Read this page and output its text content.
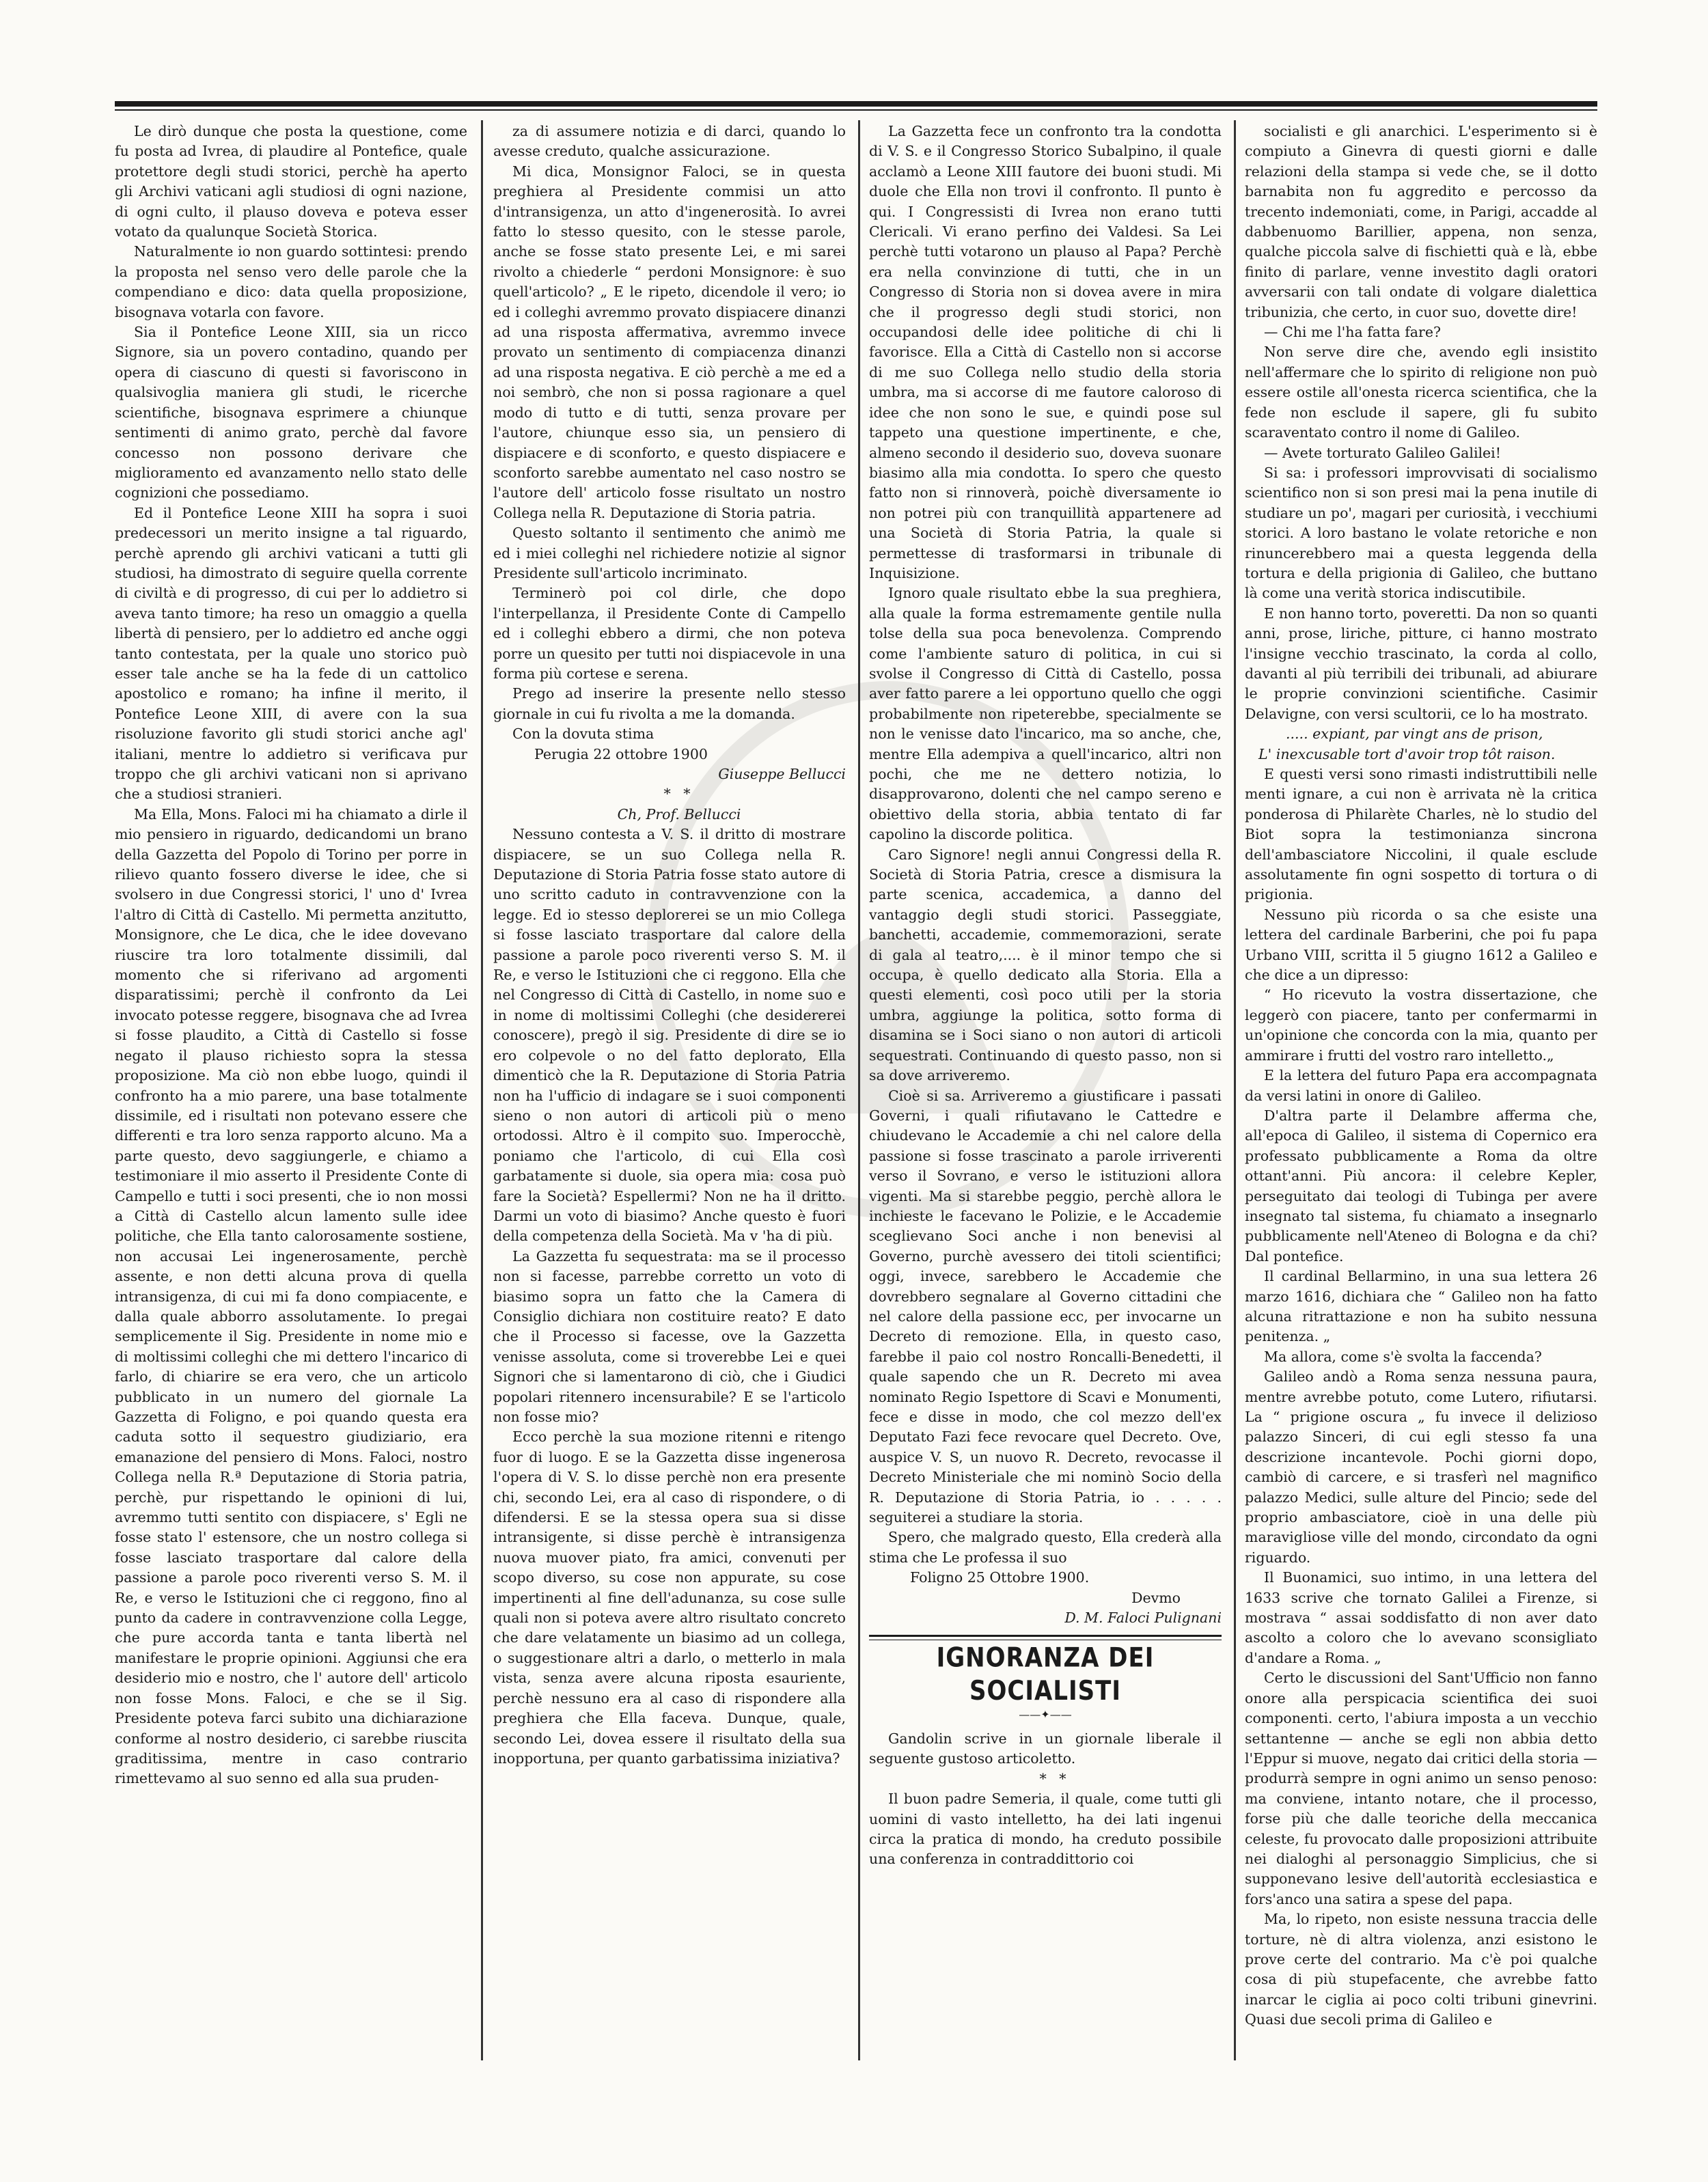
Le dirò dunque che posta la questione, come fu posta ad Ivrea, di plaudire al Pontefice, quale protettore degli studi storici, perchè ha aperto gli Archivi vaticani agli studiosi di ogni nazione, di ogni culto, il plauso doveva e poteva esser votato da qualunque Società Storica.

Naturalmente io non guardo sottintesi: prendo la proposta nel senso vero delle parole che la compendiano e dico: data quella proposizione, bisognava votarla con favore.

Sia il Pontefice Leone XIII, sia un ricco Signore, sia un povero contadino, quando per opera di ciascuno di questi si favoriscono in qualsivoglia maniera gli studi, le ricerche scientifiche, bisognava esprimere a chiunque sentimenti di animo grato, perchè dal favore concesso non possono derivare che miglioramento ed avanzamento nello stato delle cognizioni che possediamo.

Ed il Pontefice Leone XIII ha sopra i suoi predecessori un merito insigne a tal riguardo, perchè aprendo gli archivi vaticani a tutti gli studiosi, ha dimostrato di seguire quella corrente di civiltà e di progresso, di cui per lo addietro si aveva tanto timore; ha reso un omaggio a quella libertà di pensiero, per lo addietro ed anche oggi tanto contestata, per la quale uno storico può esser tale anche se ha la fede di un cattolico apostolico e romano; ha infine il merito, il Pontefice Leone XIII, di avere con la sua risoluzione favorito gli studi storici anche agl' italiani, mentre lo addietro si verificava pur troppo che gli archivi vaticani non si aprivano che a studiosi stranieri.

Ma Ella, Mons. Faloci mi ha chiamato a dirle il mio pensiero in riguardo, dedicandomi un brano della Gazzetta del Popolo di Torino per porre in rilievo quanto fossero diverse le idee, che si svolsero in due Congressi storici, l' uno d' Ivrea l'altro di Città di Castello. Mi permetta anzitutto, Monsignore, che Le dica, che le idee dovevano riuscire tra loro totalmente dissimili, dal momento che si riferivano ad argomenti disparatissimi; perchè il confronto da Lei invocato potesse reggere, bisognava che ad Ivrea si fosse plaudito, a Città di Castello si fosse negato il plauso richiesto sopra la stessa proposizione. Ma ciò non ebbe luogo, quindi il confronto ha a mio parere, una base totalmente dissimile, ed i risultati non potevano essere che differenti e tra loro senza rapporto alcuno. Ma a parte questo, devo saggiungerle, e chiamo a testimoniare il mio asserto il Presidente Conte di Campello e tutti i soci presenti, che io non mossi a Città di Castello alcun lamento sulle idee politiche, che Ella tanto calorosamente sostiene, non accusai Lei ingenerosamente, perchè assente, e non detti alcuna prova di quella intransigenza, di cui mi fa dono compiacente, e dalla quale abborro assolutamente. Io pregai semplicemente il Sig. Presidente in nome mio e di moltissimi colleghi che mi dettero l'incarico di farlo, di chiarire se era vero, che un articolo pubblicato in un numero del giornale La Gazzetta di Foligno, e poi quando questa era caduta sotto il sequestro giudiziario, era emanazione del pensiero di Mons. Faloci, nostro Collega nella R.ª Deputazione di Storia patria, perchè, pur rispettando le opinioni di lui, avremmo tutti sentito con dispiacere, s' Egli ne fosse stato l' estensore, che un nostro collega si fosse lasciato trasportare dal calore della passione a parole poco riverenti verso S. M. il Re, e verso le Istituzioni che ci reggono, fino al punto da cadere in contravvenzione colla Legge, che pure accorda tanta e tanta libertà nel manifestare le proprie opinioni. Aggiunsi che era desiderio mio e nostro, che l' autore dell' articolo non fosse Mons. Faloci, e che se il Sig. Presidente poteva farci subito una dichiarazione conforme al nostro desiderio, ci sarebbe riuscita graditissima, mentre in caso contrario rimettevamo al suo senno ed alla sua pruden-

za di assumere notizia e di darci, quando lo avesse creduto, qualche assicurazione.

Mi dica, Monsignor Faloci, se in questa preghiera al Presidente commisi un atto d'intransigenza, un atto d'ingenerosità. Io avrei fatto lo stesso quesito, con le stesse parole, anche se fosse stato presente Lei, e mi sarei rivolto a chiederle “ perdoni Monsignore: è suo quell'articolo? „ E le ripeto, dicendole il vero; io ed i colleghi avremmo provato dispiacere dinanzi ad una risposta affermativa, avremmo invece provato un sentimento di compiacenza dinanzi ad una risposta negativa. E ciò perchè a me ed a noi sembrò, che non si possa ragionare a quel modo di tutto e di tutti, senza provare per l'autore, chiunque esso sia, un pensiero di dispiacere e di sconforto, e questo dispiacere e sconforto sarebbe aumentato nel caso nostro se l'autore dell' articolo fosse risultato un nostro Collega nella R. Deputazione di Storia patria.

Questo soltanto il sentimento che animò me ed i miei colleghi nel richiedere notizie al signor Presidente sull'articolo incriminato.

Terminerò poi col dirle, che dopo l'interpellanza, il Presidente Conte di Campello ed i colleghi ebbero a dirmi, che non poteva porre un quesito per tutti noi dispiacevole in una forma più cortese e serena.

Prego ad inserire la presente nello stesso giornale in cui fu rivolta a me la domanda.

Con la dovuta stima

Perugia 22 ottobre 1900

Giuseppe Bellucci

* *

Ch, Prof. Bellucci

Nessuno contesta a V. S. il dritto di mostrare dispiacere, se un suo Collega nella R. Deputazione di Storia Patria fosse stato autore di uno scritto caduto in contravvenzione con la legge. Ed io stesso deplorerei se un mio Collega si fosse lasciato trasportare dal calore della passione a parole poco riverenti verso S. M. il Re, e verso le Istituzioni che ci reggono. Ella che nel Congresso di Città di Castello, in nome suo e in nome di moltissimi Colleghi (che desidererei conoscere), pregò il sig. Presidente di dire se io ero colpevole o no del fatto deplorato, Ella dimenticò che la R. Deputazione di Storia Patria non ha l'ufficio di indagare se i suoi componenti sieno o non autori di articoli più o meno ortodossi. Altro è il compito suo. Imperocchè, poniamo che l'articolo, di cui Ella così garbatamente si duole, sia opera mia: cosa può fare la Società? Espellermi? Non ne ha il dritto. Darmi un voto di biasimo? Anche questo è fuori della competenza della Società. Ma v 'ha di più.

La Gazzetta fu sequestrata: ma se il processo non si facesse, parrebbe corretto un voto di biasimo sopra un fatto che la Camera di Consiglio dichiara non costituire reato? E dato che il Processo si facesse, ove la Gazzetta venisse assoluta, come si troverebbe Lei e quei Signori che si lamentarono di ciò, che i Giudici popolari ritennero incensurabile? E se l'articolo non fosse mio?

Ecco perchè la sua mozione ritenni e ritengo fuor di luogo. E se la Gazzetta disse ingenerosa l'opera di V. S. lo disse perchè non era presente chi, secondo Lei, era al caso di rispondere, o di difendersi. E se la stessa opera sua si disse intransigente, si disse perchè è intransigenza nuova muover piato, fra amici, convenuti per scopo diverso, su cose non appurate, su cose impertinenti al fine dell'adunanza, su cose sulle quali non si poteva avere altro risultato concreto che dare velatamente un biasimo ad un collega, o suggestionare altri a darlo, o metterlo in mala vista, senza avere alcuna riposta esauriente, perchè nessuno era al caso di rispondere alla preghiera che Ella faceva. Dunque, quale, secondo Lei, dovea essere il risultato della sua inopportuna, per quanto garbatissima iniziativa?

La Gazzetta fece un confronto tra la condotta di V. S. e il Congresso Storico Subalpino, il quale acclamò a Leone XIII fautore dei buoni studi. Mi duole che Ella non trovi il confronto. Il punto è qui. I Congressisti di Ivrea non erano tutti Clericali. Vi erano perfino dei Valdesi. Sa Lei perchè tutti votarono un plauso al Papa? Perchè era nella convinzione di tutti, che in un Congresso di Storia non si dovea avere in mira che il progresso degli studi storici, non occupandosi delle idee politiche di chi li favorisce. Ella a Città di Castello non si accorse di me suo Collega nello studio della storia umbra, ma si accorse di me fautore caloroso di idee che non sono le sue, e quindi pose sul tappeto una questione impertinente, e che, almeno secondo il desiderio suo, doveva suonare biasimo alla mia condotta. Io spero che questo fatto non si rinnoverà, poichè diversamente io non potrei più con tranquillità appartenere ad una Società di Storia Patria, la quale si permettesse di trasformarsi in tribunale di Inquisizione.

Ignoro quale risultato ebbe la sua preghiera, alla quale la forma estremamente gentile nulla tolse della sua poca benevolenza. Comprendo come l'ambiente saturo di politica, in cui si svolse il Congresso di Città di Castello, possa aver fatto parere a lei opportuno quello che oggi probabilmente non ripeterebbe, specialmente se non le venisse dato l'incarico, ma so anche, che, mentre Ella adempiva a quell'incarico, altri non pochi, che me ne dettero notizia, lo disapprovarono, dolenti che nel campo sereno e obiettivo della storia, abbia tentato di far capolino la discorde politica.

Caro Signore! negli annui Congressi della R. Società di Storia Patria, cresce a dismisura la parte scenica, accademica, a danno del vantaggio degli studi storici. Passeggiate, banchetti, accademie, commemorazioni, serate di gala al teatro,.... è il minor tempo che si occupa, è quello dedicato alla Storia. Ella a questi elementi, così poco utili per la storia umbra, aggiunge la politica, sotto forma di disamina se i Soci siano o non autori di articoli sequestrati. Continuando di questo passo, non si sa dove arriveremo.

Cioè si sa. Arriveremo a giustificare i passati Governi, i quali rifiutavano le Cattedre e chiudevano le Accademie a chi nel calore della passione si fosse trascinato a parole irriverenti verso il Sovrano, e verso le istituzioni allora vigenti. Ma si starebbe peggio, perchè allora le inchieste le facevano le Polizie, e le Accademie sceglievano Soci anche i non benevisi al Governo, purchè avessero dei titoli scientifici; oggi, invece, sarebbero le Accademie che dovrebbero segnalare al Governo cittadini che nel calore della passione ecc, per invocarne un Decreto di remozione. Ella, in questo caso, farebbe il paio col nostro Roncalli-Benedetti, il quale sapendo che un R. Decreto mi avea nominato Regio Ispettore di Scavi e Monumenti, fece e disse in modo, che col mezzo dell'ex Deputato Fazi fece revocare quel Decreto. Ove, auspice V. S, un nuovo R. Decreto, revocasse il Decreto Ministeriale che mi nominò Socio della R. Deputazione di Storia Patria, io . . . . . seguiterei a studiare la storia.

Spero, che malgrado questo, Ella crederà alla stima che Le professa il suo

Foligno 25 Ottobre 1900.

Devmo

D. M. Faloci Pulignani

IGNORANZA DEI SOCIALISTI
——✦——

Gandolin scrive in un giornale liberale il seguente gustoso articoletto.

* *

Il buon padre Semeria, il quale, come tutti gli uomini di vasto intelletto, ha dei lati ingenui circa la pratica di mondo, ha creduto possibile una conferenza in contraddittorio coi

socialisti e gli anarchici. L'esperimento si è compiuto a Ginevra di questi giorni e dalle relazioni della stampa si vede che, se il dotto barnabita non fu aggredito e percosso da trecento indemoniati, come, in Parigi, accadde al dabbenuomo Barillier, appena, non senza, qualche piccola salve di fischietti quà e là, ebbe finito di parlare, venne investito dagli oratori avversarii con tali ondate di volgare dialettica tribunizia, che certo, in cuor suo, dovette dire!

— Chi me l'ha fatta fare?

Non serve dire che, avendo egli insistito nell'affermare che lo spirito di religione non può essere ostile all'onesta ricerca scientifica, che la fede non esclude il sapere, gli fu subito scaraventato contro il nome di Galileo.

— Avete torturato Galileo Galilei!

Si sa: i professori improvvisati di socialismo scientifico non si son presi mai la pena inutile di studiare un po', magari per curiosità, i vecchiumi storici. A loro bastano le volate retoriche e non rinuncerebbero mai a questa leggenda della tortura e della prigionia di Galileo, che buttano là come una verità storica indiscutibile.

E non hanno torto, poveretti. Da non so quanti anni, prose, liriche, pitture, ci hanno mostrato l'insigne vecchio trascinato, la corda al collo, davanti al più terribili dei tribunali, ad abiurare le proprie convinzioni scientifiche. Casimir Delavigne, con versi scultorii, ce lo ha mostrato.

..... expiant, par vingt ans de prison,

L' inexcusable tort d'avoir trop tôt raison.

E questi versi sono rimasti indistruttibili nelle menti ignare, a cui non è arrivata nè la critica ponderosa di Philarète Charles, nè lo studio del Biot sopra la testimonianza sincrona dell'ambasciatore Niccolini, il quale esclude assolutamente fin ogni sospetto di tortura o di prigionia.

Nessuno più ricorda o sa che esiste una lettera del cardinale Barberini, che poi fu papa Urbano VIII, scritta il 5 giugno 1612 a Galileo e che dice a un dipresso:

“ Ho ricevuto la vostra dissertazione, che leggerò con piacere, tanto per confermarmi in un'opinione che concorda con la mia, quanto per ammirare i frutti del vostro raro intelletto.„

E la lettera del futuro Papa era accompagnata da versi latini in onore di Galileo.

D'altra parte il Delambre afferma che, all'epoca di Galileo, il sistema di Copernico era professato pubblicamente a Roma da oltre ottant'anni. Più ancora: il celebre Kepler, perseguitato dai teologi di Tubinga per avere insegnato tal sistema, fu chiamato a insegnarlo pubblicamente nell'Ateneo di Bologna e da chi? Dal pontefice.

Il cardinal Bellarmino, in una sua lettera 26 marzo 1616, dichiara che “ Galileo non ha fatto alcuna ritrattazione e non ha subito nessuna penitenza. „

Ma allora, come s'è svolta la faccenda?

Galileo andò a Roma senza nessuna paura, mentre avrebbe potuto, come Lutero, rifiutarsi. La “ prigione oscura „ fu invece il delizioso palazzo Sinceri, di cui egli stesso fa una descrizione incantevole. Pochi giorni dopo, cambiò di carcere, e si trasferì nel magnifico palazzo Medici, sulle alture del Pincio; sede del proprio ambasciatore, cioè in una delle più maravigliose ville del mondo, circondato da ogni riguardo.

Il Buonamici, suo intimo, in una lettera del 1633 scrive che tornato Galilei a Firenze, si mostrava “ assai soddisfatto di non aver dato ascolto a coloro che lo avevano sconsigliato d'andare a Roma. „

Certo le discussioni del Sant'Ufficio non fanno onore alla perspicacia scientifica dei suoi componenti. certo, l'abiura imposta a un vecchio settantenne — anche se egli non abbia detto l'Eppur si muove, negato dai critici della storia — produrrà sempre in ogni animo un senso penoso: ma conviene, intanto notare, che il processo, forse più che dalle teoriche della meccanica celeste, fu provocato dalle proposizioni attribuite nei dialoghi al personaggio Simplicius, che si supponevano lesive dell'autorità ecclesiastica e fors'anco una satira a spese del papa.

Ma, lo ripeto, non esiste nessuna traccia delle torture, nè di altra violenza, anzi esistono le prove certe del contrario. Ma c'è poi qualche cosa di più stupefacente, che avrebbe fatto inarcar le ciglia ai poco colti tribuni ginevrini. Quasi due secoli prima di Galileo e
